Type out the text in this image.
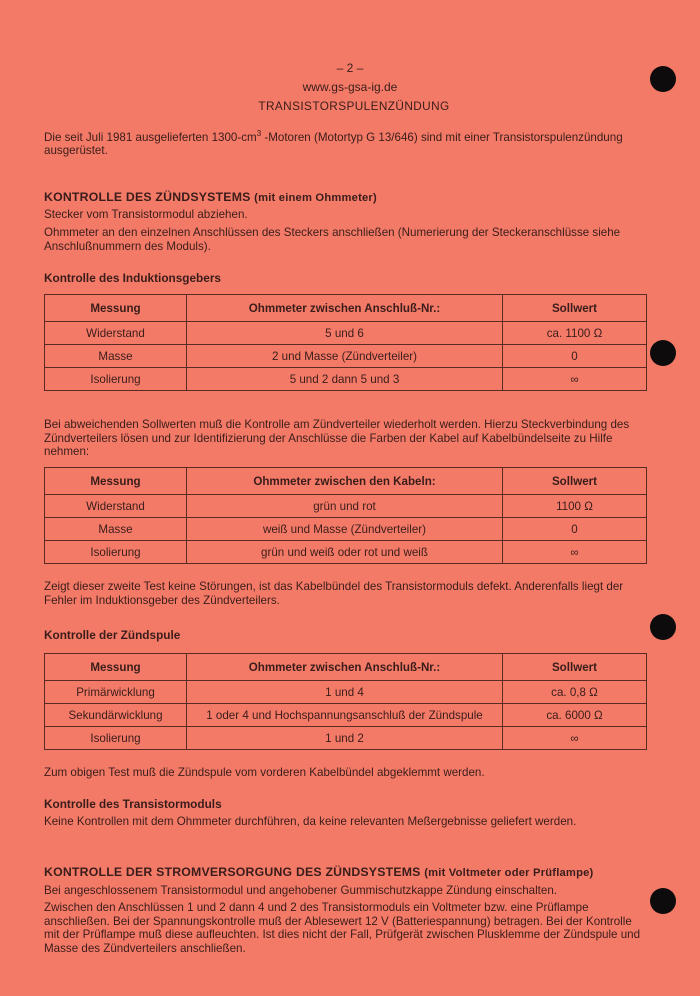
– 2 –
www.gs-gsa-ig.de
TRANSISTORSPULENZÜNDUNG
Die seit Juli 1981 ausgelieferten $1300-cm^3$ -Motoren (Motortyp G 13/646) sind mit einer Transistorspulenzündung ausgerüstet.
KONTROLLE DES ZÜNDSYSTEMS (mit einem Ohmmeter)
Stecker vom Transistormodul abziehen.
Ohmmeter an den einzelnen Anschlüssen des Steckers anschließen (Numerierung der Steckeranschlüsse siehe Anschlußnummern des Moduls).
Kontrolle des Induktionsgebers
Messung	Ohmmeter zwischen Anschluß-Nr.:	Sollwert
Widerstand	5 und 6	ca. 1100 Ω
Masse	2 und Masse (Zündverteiler)	0
Isolierung	5 und 2 dann 5 und 3	∞
Bei abweichenden Sollwerten muß die Kontrolle am Zündverteiler wiederholt werden. Hierzu Steckverbindung des Zündverteilers lösen und zur Identifizierung der Anschlüsse die Farben der Kabel auf Kabelbündelseite zu Hilfe nehmen:
Messung	Ohmmeter zwischen den Kabeln:	Sollwert
Widerstand	grün und rot	1100 Ω
Masse	weiß und Masse (Zündverteiler)	0
Isolierung	grün und weiß oder rot und weiß	∞
Zeigt dieser zweite Test keine Störungen, ist das Kabelbündel des Transistormoduls defekt. Anderenfalls liegt der Fehler im Induktionsgeber des Zündverteilers.
Kontrolle der Zündspule
Messung	Ohmmeter zwischen Anschluß-Nr.:	Sollwert
Primärwicklung	1 und 4	ca. 0,8 Ω
Sekundärwicklung	1 oder 4 und Hochspannungsanschluß der Zündspule	ca. 6000 Ω
Isolierung	1 und 2	∞
Zum obigen Test muß die Zündspule vom vorderen Kabelbündel abgeklemmt werden.
Kontrolle des Transistormoduls
Keine Kontrollen mit dem Ohmmeter durchführen, da keine relevanten Meßergebnisse geliefert werden.
KONTROLLE DER STROMVERSORGUNG DES ZÜNDSYSTEMS (mit Voltmeter oder Prüflampe)
Bei angeschlossenem Transistormodul und angehobener Gummischutzkappe Zündung einschalten.
Zwischen den Anschlüssen 1 und 2 dann 4 und 2 des Transistormoduls ein Voltmeter bzw. eine Prüflampe anschließen. Bei der Spannungskontrolle muß der Ablesewert 12 V (Batteriespannung) betragen. Bei der Kontrolle mit der Prüflampe muß diese aufleuchten. Ist dies nicht der Fall, Prüfgerät zwischen Plusklemme der Zündspule und Masse des Zündverteilers anschließen.
